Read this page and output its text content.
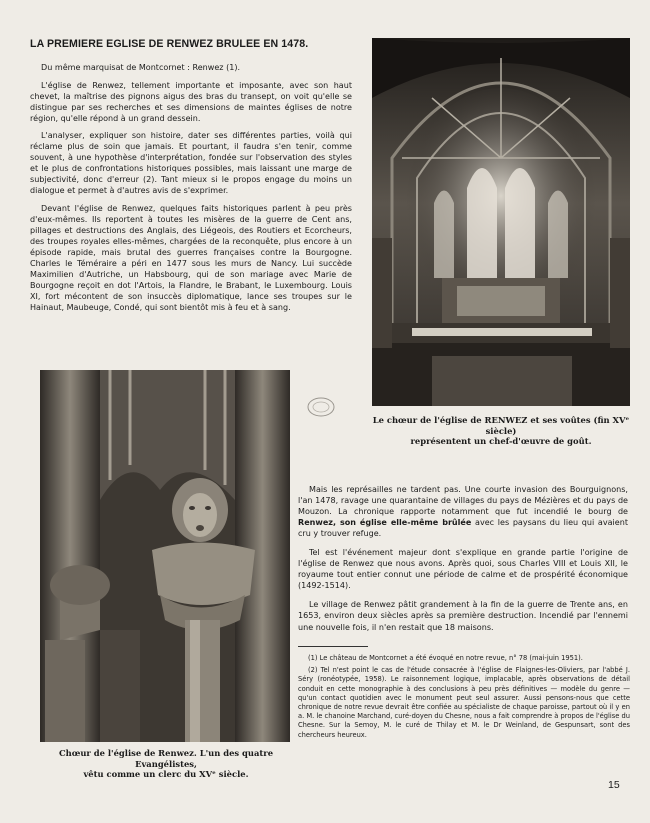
LA PREMIERE EGLISE DE RENWEZ BRULEE EN 1478.

Du même marquisat de Montcornet : Renwez (1).

L'église de Renwez, tellement importante et imposante, avec son haut chevet, la maîtrise des pignons aigus des bras du transept, on voit qu'elle se distingue par ses recherches et ses dimensions de maintes églises de notre région, qu'elle répond à un grand dessein.

L'analyser, expliquer son histoire, dater ses différentes parties, voilà qui réclame plus de soin que jamais. Et pourtant, il faudra s'en tenir, comme souvent, à une hypothèse d'interprétation, fondée sur l'observation des styles et le plus de confrontations historiques possibles, mais laissant une marge de subjectivité, donc d'erreur (2). Tant mieux si le propos engage du moins un dialogue et permet à d'autres avis de s'exprimer.

Devant l'église de Renwez, quelques faits historiques parlent à peu près d'eux-mêmes. Ils reportent à toutes les misères de la guerre de Cent ans, pillages et destructions des Anglais, des Liégeois, des Routiers et Ecorcheurs, des troupes royales elles-mêmes, chargées de la reconquête, plus encore à un épisode rapide, mais brutal des guerres françaises contre la Bourgogne. Charles le Téméraire a péri en 1477 sous les murs de Nancy. Lui succède Maximilien d'Autriche, un Habsbourg, qui de son mariage avec Marie de Bourgogne reçoit en dot l'Artois, la Flandre, le Brabant, le Luxembourg. Louis XI, fort mécontent de son insuccès diplomatique, lance ses troupes sur le Hainaut, Maubeuge, Condé, qui sont bientôt mis à feu et à sang.

Le chœur de l'église de RENWEZ et ses voûtes (fin XVᵉ siècle)
représentent un chef-d'œuvre de goût.
Chœur de l'église de Renwez. L'un des quatre Evangélistes,
vêtu comme un clerc du XVᵉ siècle.

Mais les représailles ne tardent pas. Une courte invasion des Bourguignons, l'an 1478, ravage une quarantaine de villages du pays de Mézières et du pays de Mouzon. La chronique rapporte notamment que fut incendié le bourg de Renwez, son église elle-même brûlée avec les paysans du lieu qui avaient cru y trouver refuge.

Tel est l'événement majeur dont s'explique en grande partie l'origine de l'église de Renwez que nous avons. Après quoi, sous Charles VIII et Louis XII, le royaume tout entier connut une période de calme et de prospérité économique (1492-1514).

Le village de Renwez pâtit grandement à la fin de la guerre de Trente ans, en 1653, environ deux siècles après sa première destruction. Incendié par l'ennemi une nouvelle fois, il n'en restait que 18 maisons.

(1) Le château de Montcornet a été évoqué en notre revue, n° 78 (mai-juin 1951).

(2) Tel n'est point le cas de l'étude consacrée à l'église de Flaignes-les-Oliviers, par l'abbé J. Séry (ronéotypée, 1958). Le raisonnement logique, implacable, après observations de détail conduit en cette monographie à des conclusions à peu près définitives — modèle du genre — qu'un contact quotidien avec le monument peut seul assurer. Aussi pensons-nous que cette chronique de notre revue devrait être confiée au spécialiste de chaque paroisse, partout où il y en a. M. le chanoine Marchand, curé-doyen du Chesne, nous a fait comprendre à propos de l'église du Chesne. Sur la Semoy, M. le curé de Thilay et M. le Dr Weinland, de Gespunsart, sont des chercheurs heureux.

15
